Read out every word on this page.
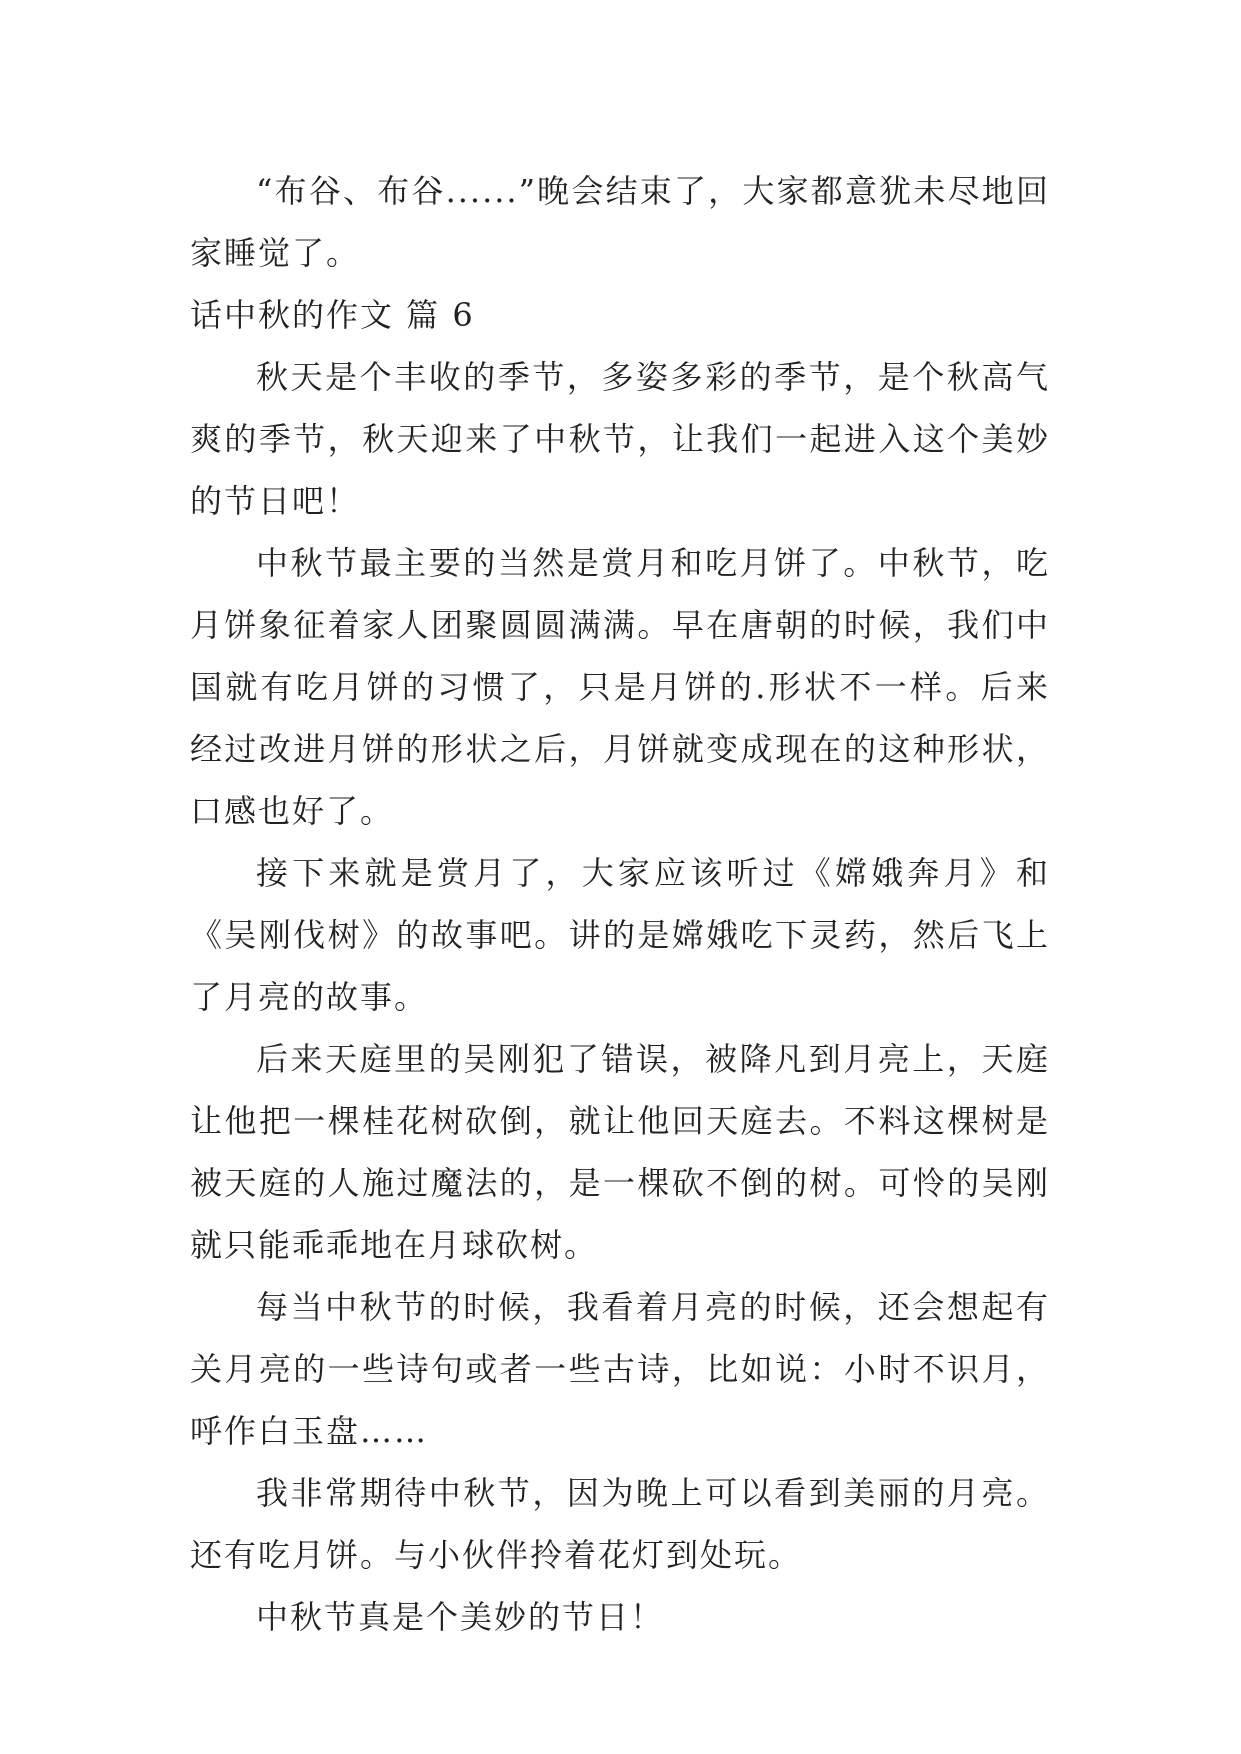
“布谷、布谷......”晚会结束了，大家都意犹未尽地回家睡觉了。

话中秋的作文 篇 6

秋天是个丰收的季节，多姿多彩的季节，是个秋高气爽的季节，秋天迎来了中秋节，让我们一起进入这个美妙的节日吧！

中秋节最主要的当然是赏月和吃月饼了。中秋节，吃月饼象征着家人团聚圆圆满满。早在唐朝的时候，我们中国就有吃月饼的习惯了，只是月饼的.形状不一样。后来经过改进月饼的形状之后，月饼就变成现在的这种形状，口感也好了。

接下来就是赏月了，大家应该听过《嫦娥奔月》和《吴刚伐树》的故事吧。讲的是嫦娥吃下灵药，然后飞上了月亮的故事。

后来天庭里的吴刚犯了错误，被降凡到月亮上，天庭让他把一棵桂花树砍倒，就让他回天庭去。不料这棵树是被天庭的人施过魔法的，是一棵砍不倒的树。可怜的吴刚就只能乖乖地在月球砍树。

每当中秋节的时候，我看着月亮的时候，还会想起有关月亮的一些诗句或者一些古诗，比如说：小时不识月，呼作白玉盘……

我非常期待中秋节，因为晚上可以看到美丽的月亮。还有吃月饼。与小伙伴拎着花灯到处玩。

中秋节真是个美妙的节日！
